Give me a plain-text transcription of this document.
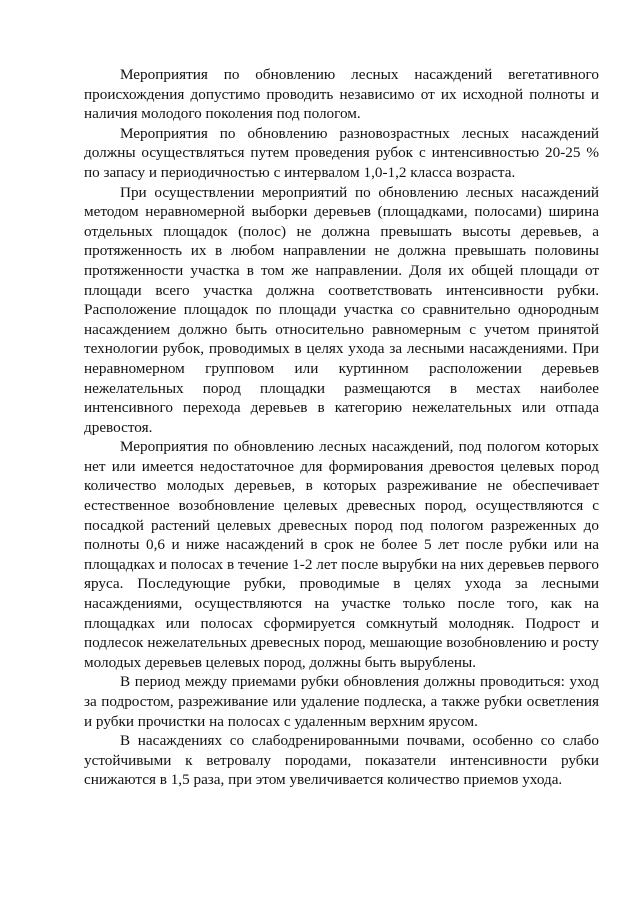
Мероприятия по обновлению лесных насаждений вегетативного происхождения допустимо проводить независимо от их исходной полноты и наличия молодого поколения под пологом.

Мероприятия по обновлению разновозрастных лесных насаждений должны осуществляться путем проведения рубок с интенсивностью 20-25 % по запасу и периодичностью с интервалом 1,0-1,2 класса возраста.

При осуществлении мероприятий по обновлению лесных насаждений методом неравномерной выборки деревьев (площадками, полосами) ширина отдельных площадок (полос) не должна превышать высоты деревьев, а протяженность их в любом направлении не должна превышать половины протяженности участка в том же направлении. Доля их общей площади от площади всего участка должна соответствовать интенсивности рубки. Расположение площадок по площади участка со сравнительно однородным насаждением должно быть относительно равномерным с учетом принятой технологии рубок, проводимых в целях ухода за лесными насаждениями. При неравномерном групповом или куртинном расположении деревьев нежелательных пород площадки размещаются в местах наиболее интенсивного перехода деревьев в категорию нежелательных или отпада древостоя.

Мероприятия по обновлению лесных насаждений, под пологом которых нет или имеется недостаточное для формирования древостоя целевых пород количество молодых деревьев, в которых разреживание не обеспечивает естественное возобновление целевых древесных пород, осуществляются с посадкой растений целевых древесных пород под пологом разреженных до полноты 0,6 и ниже насаждений в срок не более 5 лет после рубки или на площадках и полосах в течение 1-2 лет после вырубки на них деревьев первого яруса. Последующие рубки, проводимые в целях ухода за лесными насаждениями, осуществляются на участке только после того, как на площадках или полосах сформируется сомкнутый молодняк. Подрост и подлесок нежелательных древесных пород, мешающие возобновлению и росту молодых деревьев целевых пород, должны быть вырублены.

В период между приемами рубки обновления должны проводиться: уход за подростом, разреживание или удаление подлеска, а также рубки осветления и рубки прочистки на полосах с удаленным верхним ярусом.

В насаждениях со слабодренированными почвами, особенно со слабо устойчивыми к ветровалу породами, показатели интенсивности рубки снижаются в 1,5 раза, при этом увеличивается количество приемов ухода.
